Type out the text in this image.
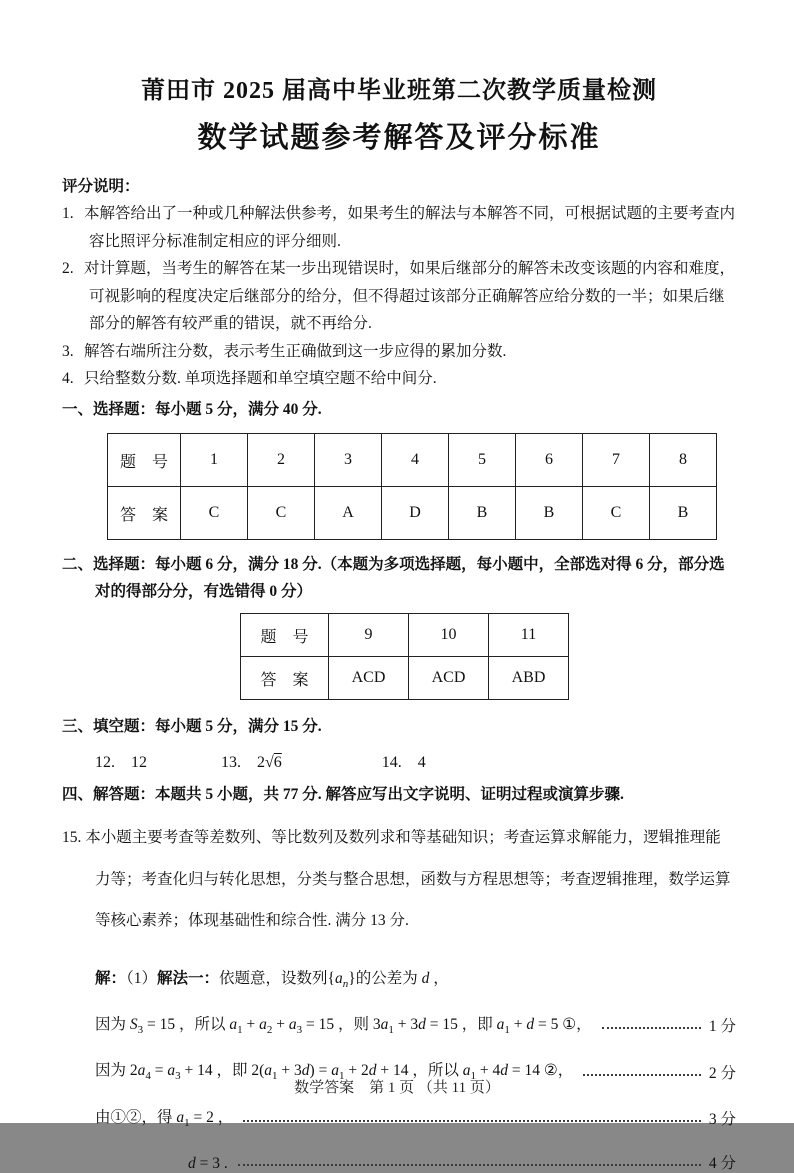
莆田市 2025 届高中毕业班第二次教学质量检测
数学试题参考解答及评分标准

评分说明：

1. 本解答给出了一种或几种解法供参考，如果考生的解法与本解答不同，可根据试题的主要考查内容比照评分标准制定相应的评分细则.

2. 对计算题，当考生的解答在某一步出现错误时，如果后继部分的解答未改变该题的内容和难度，可视影响的程度决定后继部分的给分，但不得超过该部分正确解答应给分数的一半；如果后继部分的解答有较严重的错误，就不再给分.

3. 解答右端所注分数，表示考生正确做到这一步应得的累加分数.

4. 只给整数分数. 单项选择题和单空填空题不给中间分.

一、选择题：每小题 5 分，满分 40 分.

题　号	1	2	3	4	5	6	7	8
答　案	C	C	A	D	B	B	C	B

二、选择题：每小题 6 分，满分 18 分.（本题为多项选择题，每小题中，全部选对得 6 分，部分选对的得部分分，有选错得 0 分）

题　号	9	10	11
答　案	ACD	ACD	ABD

三、填空题：每小题 5 分，满分 15 分.

12. 12	13. 2√6	14. 4

四、解答题：本题共 5 小题，共 77 分. 解答应写出文字说明、证明过程或演算步骤.

15. 本小题主要考查等差数列、等比数列及数列求和等基础知识；考查运算求解能力，逻辑推理能力等；考查化归与转化思想，分类与整合思想，函数与方程思想等；考查逻辑推理，数学运算等核心素养；体现基础性和综合性. 满分 13 分.

解：（1）解法一：依题意，设数列$\{a_n\}$的公差为 d ，

因为 $S_3 = 15$ ，所以 $a_1 + a_2 + a_3 = 15$ ，则 $3a_1 + 3d = 15$ ，即 $a_1 + d = 5$ ①，	1 分
因为 $2a_4 = a_3 + 14$ ，即 $2(a_1 + 3d) = a_1 + 2d + 14$ ，所以 $a_1 + 4d = 14$ ②，	2 分
由①②，得 $a_1 = 2$ ，	3 分
d = 3 .	4 分
数学答案　第 1 页 （共 11 页）
